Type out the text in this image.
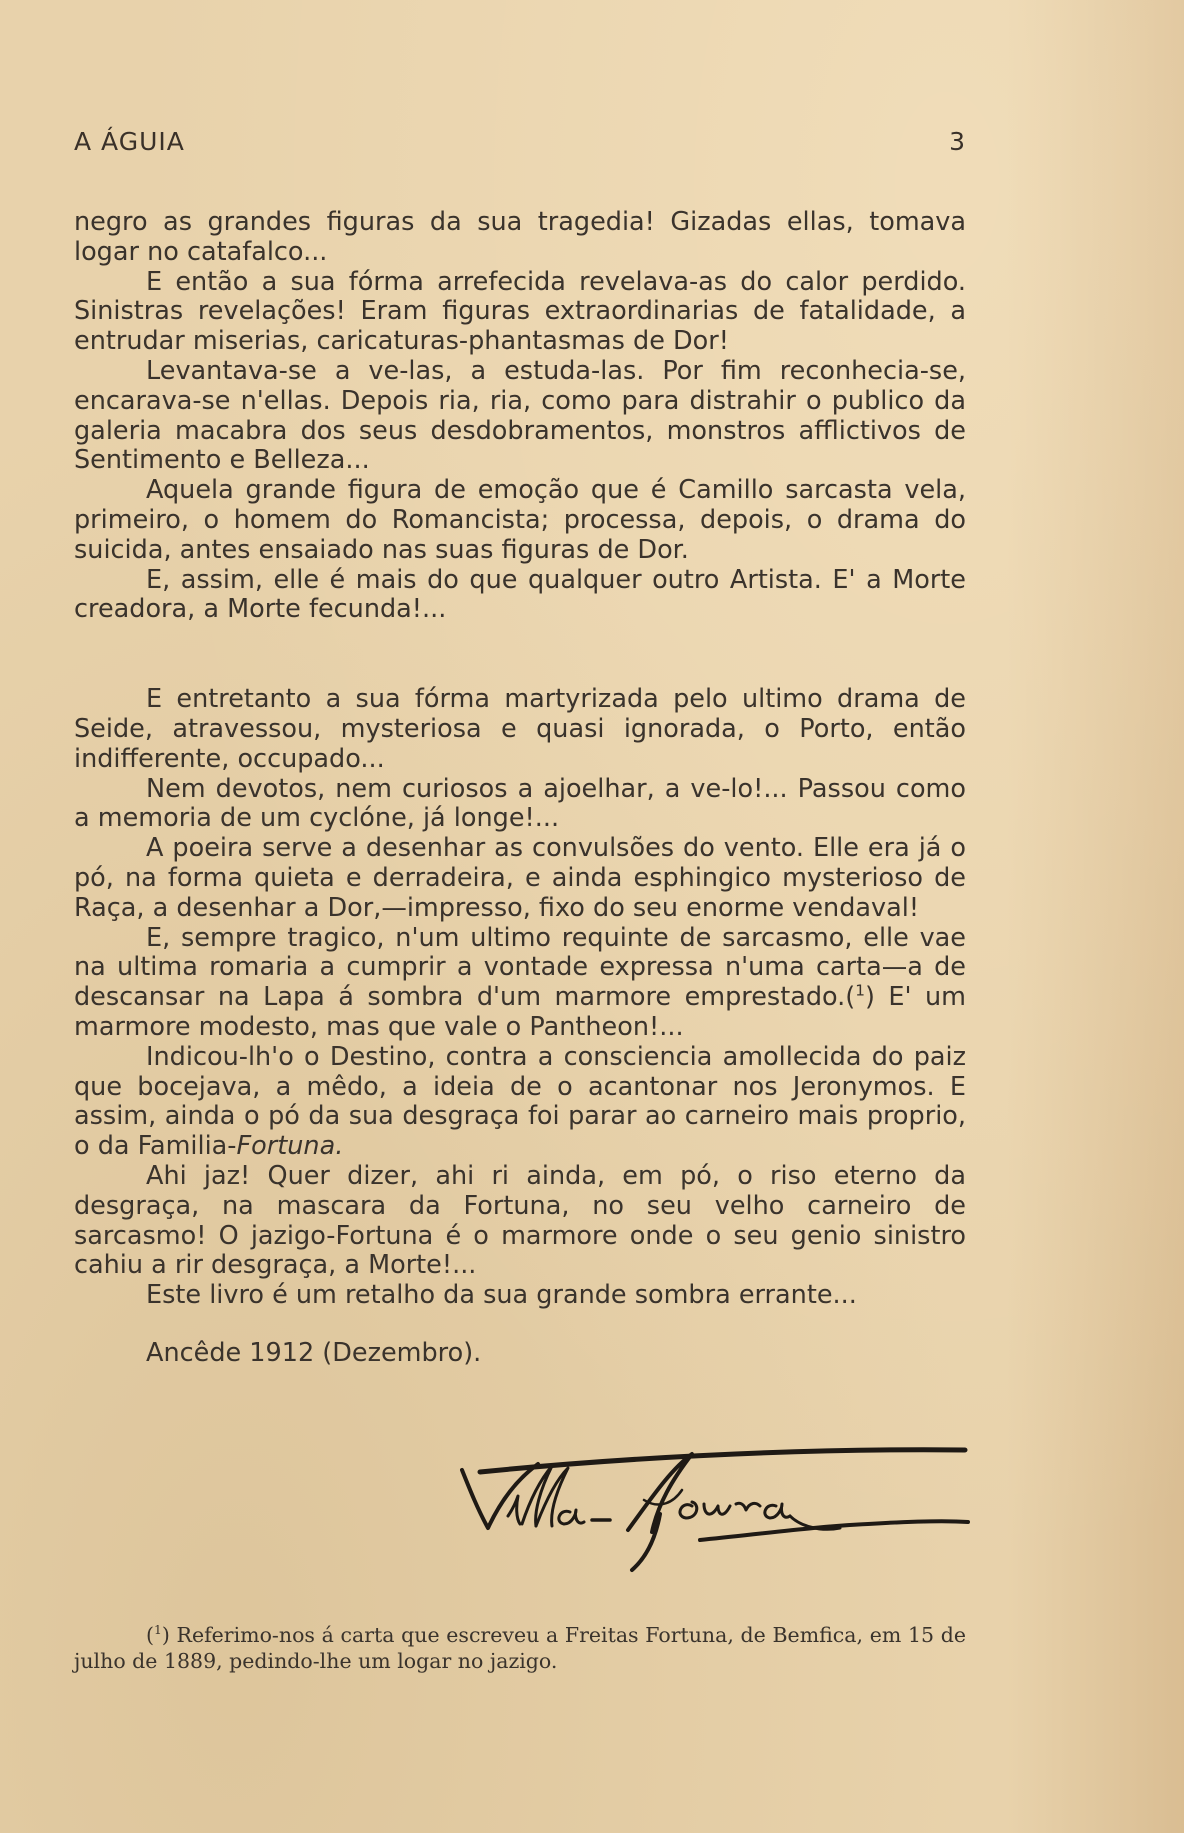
A ÁGUIA	3

negro as grandes figuras da sua tragedia! Gizadas ellas, tomava logar no catafalco...

E então a sua fórma arrefecida revelava-as do calor perdido. Sinistras revelações! Eram figuras extraordinarias de fatalidade, a entrudar miserias, caricaturas-phantasmas de Dor!

Levantava-se a ve-las, a estuda-las. Por fim reconhecia-se, encarava-se n'ellas. Depois ria, ria, como para distrahir o publico da galeria macabra dos seus desdobramentos, monstros afflictivos de Sentimento e Belleza...

Aquela grande figura de emoção que é Camillo sarcasta vela, primeiro, o homem do Romancista; processa, depois, o drama do suicida, antes ensaiado nas suas figuras de Dor.

E, assim, elle é mais do que qualquer outro Artista. E' a Morte creadora, a Morte fecunda!...

E entretanto a sua fórma martyrizada pelo ultimo drama de Seide, atravessou, mysteriosa e quasi ignorada, o Porto, então indifferente, occupado...

Nem devotos, nem curiosos a ajoelhar, a ve-lo!... Passou como a memoria de um cyclóne, já longe!...

A poeira serve a desenhar as convulsões do vento. Elle era já o pó, na forma quieta e derradeira, e ainda esphingico mysterioso de Raça, a desenhar a Dor,—impresso, fixo do seu enorme vendaval!

E, sempre tragico, n'um ultimo requinte de sarcasmo, elle vae na ultima romaria a cumprir a vontade expressa n'uma carta—a de descansar na Lapa á sombra d'um marmore emprestado.($^1$) E' um marmore modesto, mas que vale o Pantheon!...

Indicou-lh'o o Destino, contra a consciencia amollecida do paiz que bocejava, a mêdo, a ideia de o acantonar nos Jeronymos. E assim, ainda o pó da sua desgraça foi parar ao carneiro mais proprio, o da Familia-Fortuna.

Ahi jaz! Quer dizer, ahi ri ainda, em pó, o riso eterno da desgraça, na mascara da Fortuna, no seu velho carneiro de sarcasmo! O jazigo-Fortuna é o marmore onde o seu genio sinistro cahiu a rir desgraça, a Morte!...

Este livro é um retalho da sua grande sombra errante...

Ancêde 1912 (Dezembro).

($^1$) Referimo-nos á carta que escreveu a Freitas Fortuna, de Bemfica, em 15 de julho de 1889, pedindo-lhe um logar no jazigo.
